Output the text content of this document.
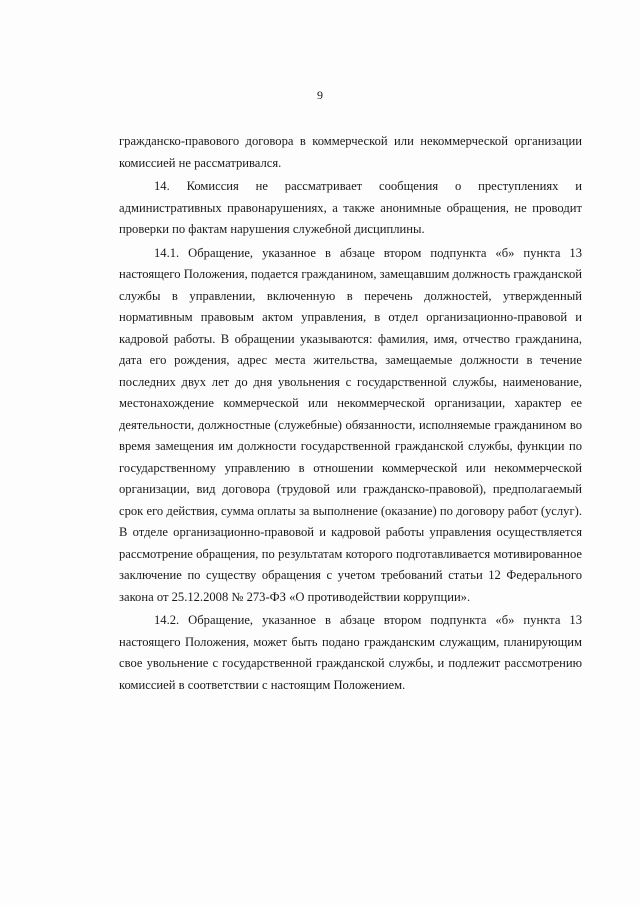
9

гражданско-правового договора в коммерческой или некоммерческой организации комиссией не рассматривался.

14. Комиссия не рассматривает сообщения о преступлениях и административных правонарушениях, а также анонимные обращения, не проводит проверки по фактам нарушения служебной дисциплины.

14.1. Обращение, указанное в абзаце втором подпункта «б» пункта 13 настоящего Положения, подается гражданином, замещавшим должность гражданской службы в управлении, включенную в перечень должностей, утвержденный нормативным правовым актом управления, в отдел организационно-правовой и кадровой работы. В обращении указываются: фамилия, имя, отчество гражданина, дата его рождения, адрес места жительства, замещаемые должности в течение последних двух лет до дня увольнения с государственной службы, наименование, местонахождение коммерческой или некоммерческой организации, характер ее деятельности, должностные (служебные) обязанности, исполняемые гражданином во время замещения им должности государственной гражданской службы, функции по государственному управлению в отношении коммерческой или некоммерческой организации, вид договора (трудовой или гражданско-правовой), предполагаемый срок его действия, сумма оплаты за выполнение (оказание) по договору работ (услуг). В отделе организационно-правовой и кадровой работы управления осуществляется рассмотрение обращения, по результатам которого подготавливается мотивированное заключение по существу обращения с учетом требований статьи 12 Федерального закона от 25.12.2008 № 273-ФЗ «О противодействии коррупции».

14.2. Обращение, указанное в абзаце втором подпункта «б» пункта 13 настоящего Положения, может быть подано гражданским служащим, планирующим свое увольнение с государственной гражданской службы, и подлежит рассмотрению комиссией в соответствии с настоящим Положением.
